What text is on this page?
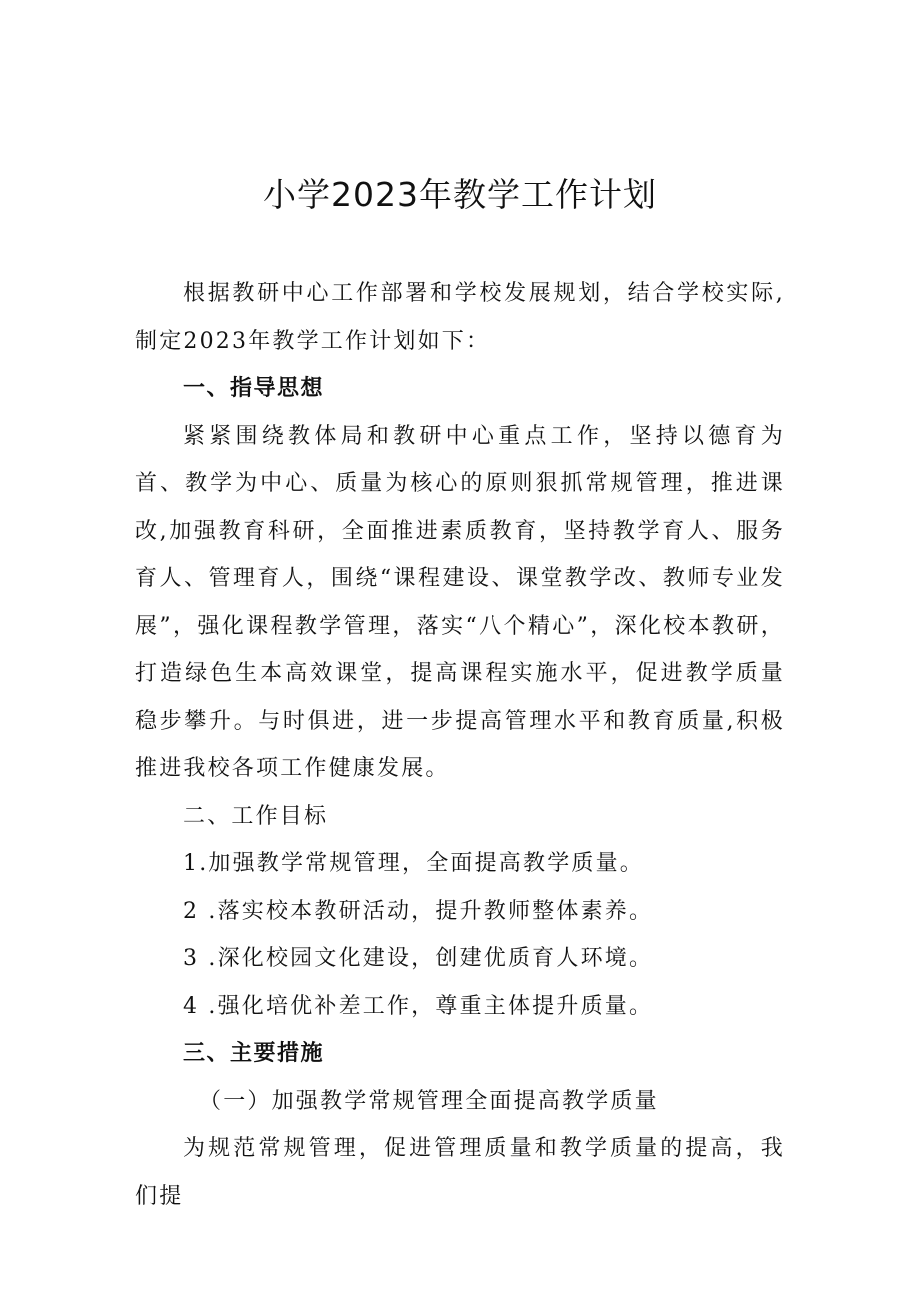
小学2023年教学工作计划

根据教研中心工作部署和学校发展规划，结合学校实际,制定2023年教学工作计划如下：

一、指导思想

紧紧围绕教体局和教研中心重点工作，坚持以德育为首、教学为中心、质量为核心的原则狠抓常规管理，推进课改,加强教育科研，全面推进素质教育，坚持教学育人、服务育人、管理育人，围绕“课程建设、课堂教学改、教师专业发展”，强化课程教学管理，落实“八个精心”，深化校本教研，打造绿色生本高效课堂，提高课程实施水平，促进教学质量稳步攀升。与时俱进，进一步提高管理水平和教育质量,积极推进我校各项工作健康发展。

二、工作目标

1.加强教学常规管理，全面提高教学质量。

2 .落实校本教研活动，提升教师整体素养。

3 .深化校园文化建设，创建优质育人环境。

4 .强化培优补差工作，尊重主体提升质量。

三、主要措施

（一）加强教学常规管理全面提高教学质量

为规范常规管理，促进管理质量和教学质量的提高，我们提
